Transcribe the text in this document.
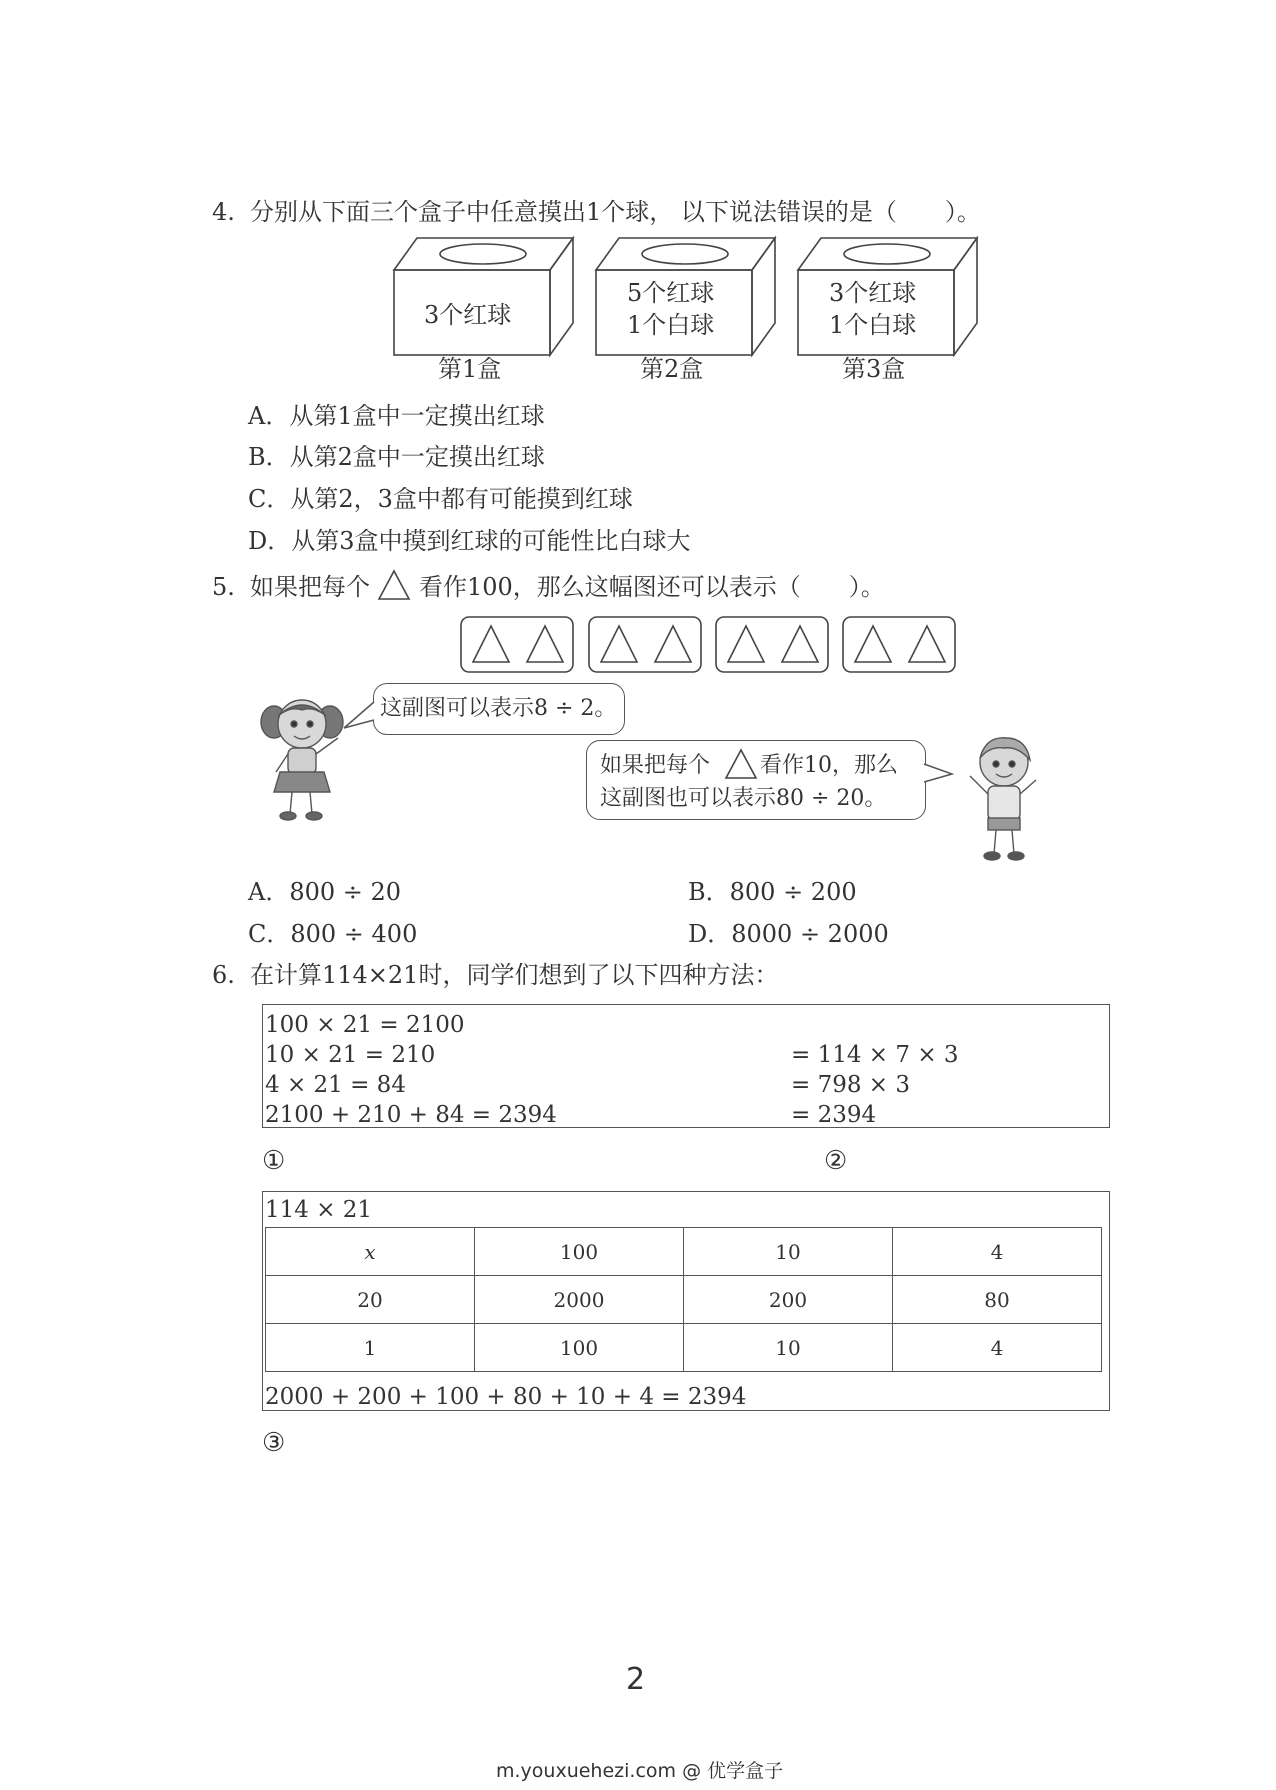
4. 分别从下面三个盒子中任意摸出1个球， 以下说法错误的是（　　）。
3个红球
5个红球
1个白球
3个红球
1个白球
第1盒	第2盒	第3盒
A．从第1盒中一定摸出红球
B．从第2盒中一定摸出红球
C．从第2，3盒中都有可能摸到红球
D．从第3盒中摸到红球的可能性比白球大
5. 如果把每个 看作100，那么这幅图还可以表示（　　）。
这副图可以表示8 ÷ 2。
如果把每个 看作10，那么
这副图也可以表示80 ÷ 20。
A．800 ÷ 20	B．800 ÷ 200
C．800 ÷ 400	D．8000 ÷ 2000
6. 在计算114×21时，同学们想到了以下四种方法：
100 × 21 = 2100
10 × 21 = 210
4 × 21 = 84
2100 + 210 + 84 = 2394
= 114 × 7 × 3
= 798 × 3
= 2394
①	②
114 × 21
x	100	10	4
20	2000	200	80
1	100	10	4
2000 + 200 + 100 + 80 + 10 + 4 = 2394
③
2
m.youxuehezi.com @ 优学盒子
